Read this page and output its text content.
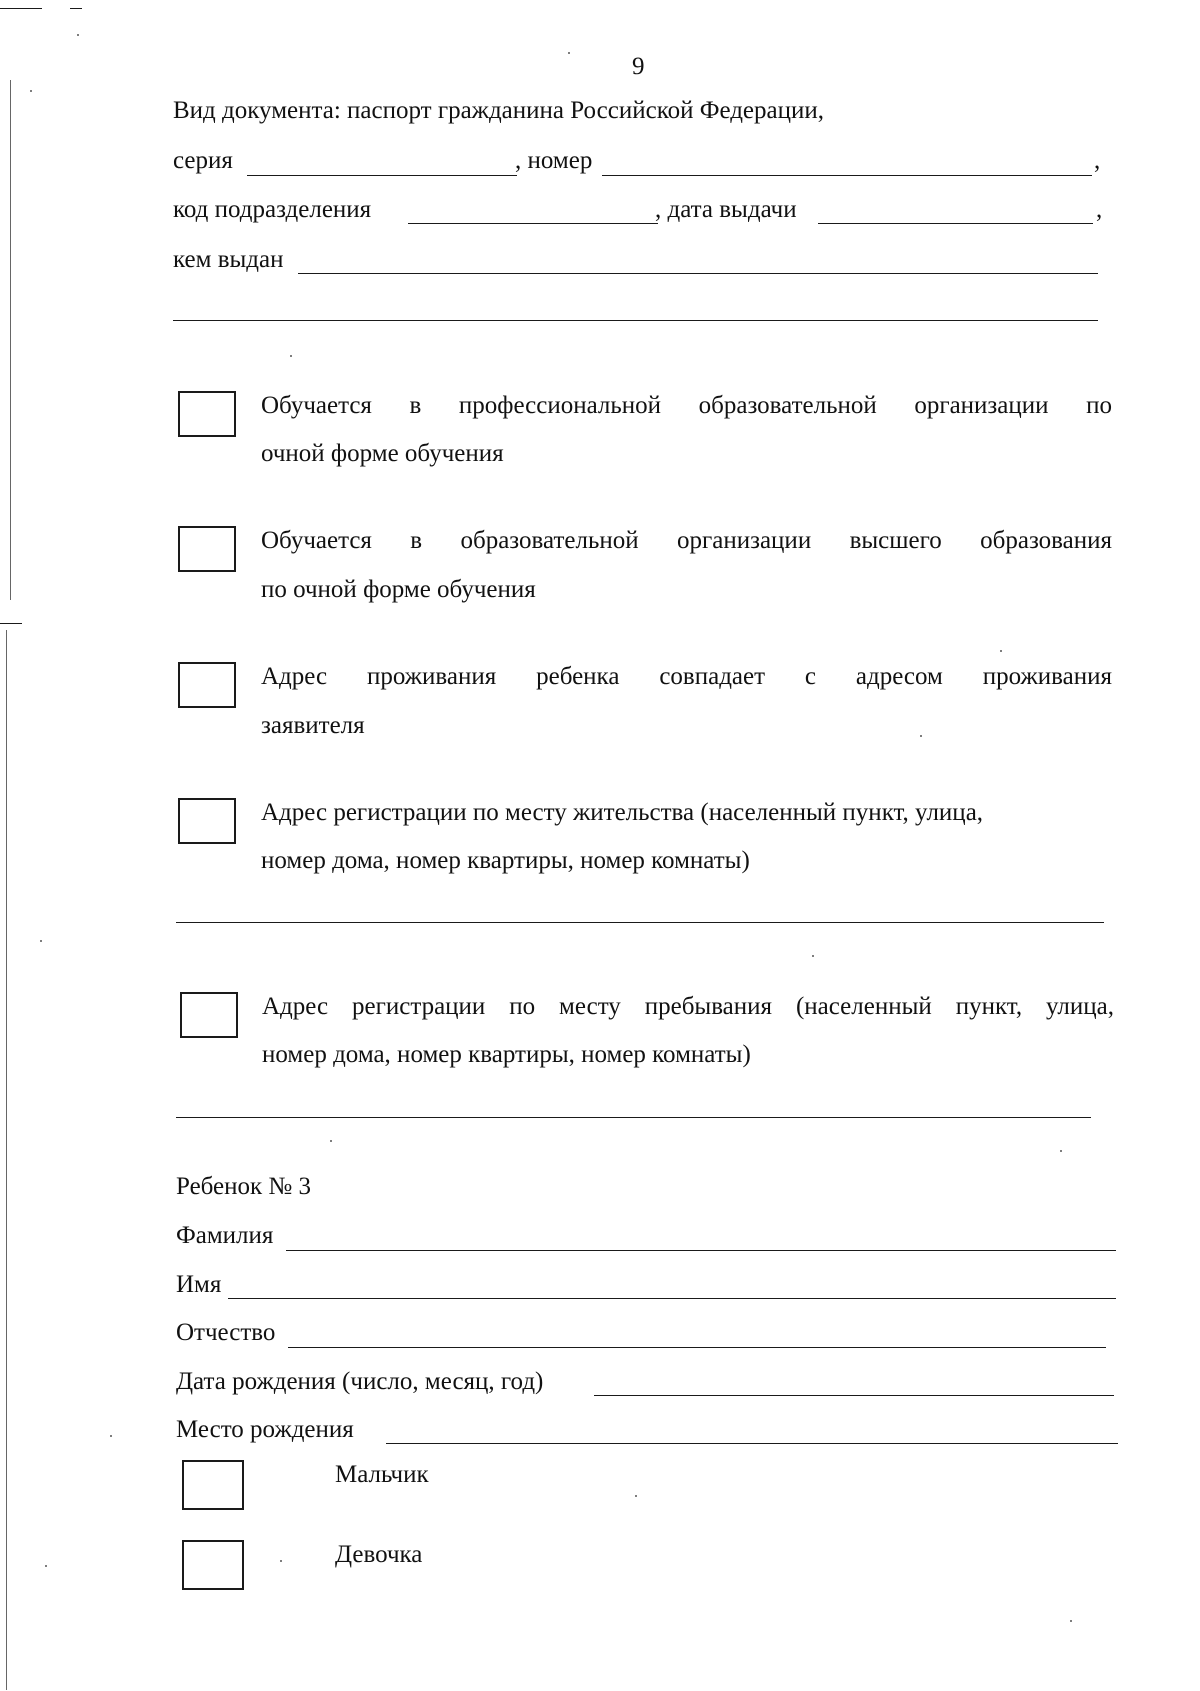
9
Вид документа: паспорт гражданина Российской Федерации,
серия	, номер	,
код подразделения	, дата выдачи	,
кем выдан
Обучается в профессиональной образовательной организации по
очной форме обучения
Обучается в образовательной организации высшего образования
по очной форме обучения
Адрес проживания ребенка совпадает с адресом проживания
заявителя
Адрес регистрации по месту жительства (населенный пункт, улица,
номер дома, номер квартиры, номер комнаты)
Адрес регистрации по месту пребывания (населенный пункт, улица,
номер дома, номер квартиры, номер комнаты)
Ребенок № 3
Фамилия
Имя
Отчество
Дата рождения (число, месяц, год)
Место рождения
Мальчик
Девочка
